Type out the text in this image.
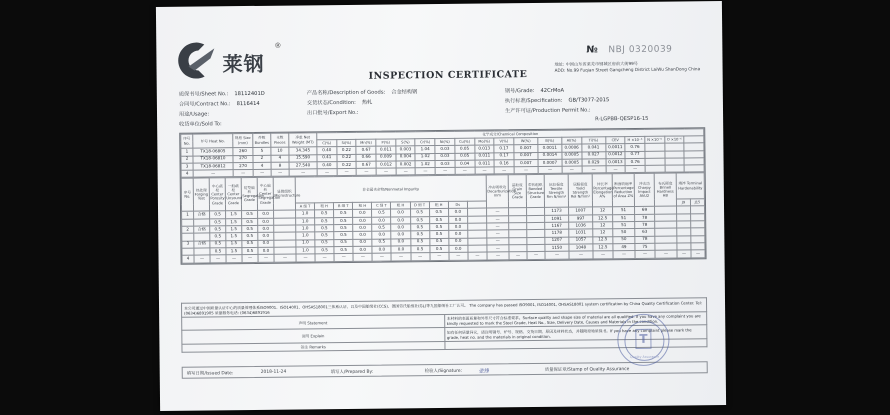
莱钢
®
INSPECTION CERTIFICATE
№ NBJ 0320039
地址: 中国山东省莱芜市钢城区府前大街99号
ADD: No.99 Fuqian Street Gangcheng District LaiWu ShanDong China
质保书号/Sheet No.: 18112401D	产品名称/Description of Goods: 合金结构钢	钢号/Grade: 42CrMoA
合同号/Contract No.: 8116414	交货状态/Condition: 热轧	执行标准/Specification: GB/T3077-2015
用途/Usage:	出口批号/Export No.:	生产许可证/Production Permit No.:
收货单位/Sold To:
R-LGPBB-QESP16-15
序号 No.	炉号 Heat No.	规格 Size (mm)	件数 Bundles	支数 Pieces	净重 Net Weight (MT)	化学成分/Chemical Composition																		
						C(%)	Si(%)	Mn(%)	P(%)	S(%)	Cr(%)	Ni(%)	Cu(%)	Mo(%)	V(%)	W(%)	B(%)	Al(%)	Ti(%)	CEV	H ×10⁻⁶	N ×10⁻⁶	O ×10⁻⁶	
1	TX18-06805	260	5	10	34.345	0.40	0.22	0.67	0.011	0.003	1.04	0.03	0.05	0.013	0.17	0.007	0.0011	0.0006	0.041	0.0011	0.76			
2	TX18-06810	270	2	4	15.590	0.41	0.22	0.66	0.009	0.004	1.02	0.03	0.05	0.011	0.17	0.007	0.0014	0.0005	0.027	0.0012	0.77			
3	TX18-06812	270	4	8	27.540	0.40	0.22	0.67	0.012	0.002	1.02	0.03	0.04	0.011	0.16	0.007	0.0007	0.0005	0.029	0.0013	0.76			
4	—	—	—	—	—	—	—	—	—	—	—	—	—	—	—	—	—	—	—	—	—			
序号 No.	热处理 Forging Test	中心疏松 Center Porosity Grade	一般疏松 Center Unsound Grade	锭型偏析 Segregation Grade	中心偏析 Center Segregation Grade	显微组织 Microstructure	非金属夹杂物/Nonmetal Impurity										冲击吸收功 Decarburization mm	晶粒度 Grain Size Grade	带状组织 Banded Structure Grade	抗拉强度 Tensile Strength Rm N/mm²	屈服强度 Yield Strength Rel N/mm²	伸长率 Percentage Elongation A%	断面收缩率 Percentage Reduction of Area Z%	冲击功 Charpy Impact AkU2	布氏硬度 Brinell Hardness HB	端淬 Terminal Hardenability	
							A 细 T	粗 H	B 细 T	粗 H	C 细 T	粗 H	D 细 T	粗 H	Ds											J9	J15
1	合格	0.5	1.5	0.5	0.0		1.0	0.5	0.5	0.0	0.5	0.0	0.5	0.5	0.0		—			1173	1007	12	51	69			
		0.5	1.5	0.5	0.0		1.0	0.5	0.5	0.0	0.0	0.0	0.5	0.5	0.0		—			1091	997	12.5	51	78			
2	合格	0.5	1.5	0.5	0.0		1.0	0.5	0.5	0.0	0.5	0.0	0.5	0.5	0.0		—			1167	1036	12	51	78			
		0.5	1.5	0.5	0.0		1.0	0.5	0.5	0.0	0.0	0.0	0.5	0.5	0.0		—			1178	1031	12	50	63			
3	合格	0.5	1.5	0.5	0.0		1.0	0.5	0.5	0.0	0.5	0.0	0.5	0.5	0.0		—			1207	1057	12.5	50	78			
		0.5	1.5	0.5	0.0		1.0	0.5	0.5	0.0	0.0	0.0	0.5	0.5	0.0		—			1150	1048	12.5	49	75			
4	—	—	—	—	—	—	—	—	—	—	—	—	—	—	—	—	—	—	—	—	—	—	—	—	—	—	—
本公司通过中国质量认证中心的质量管理体系ISO9001、ISO14001、OHSAS18001三体系认证，以及中国船级社(CCS)、德国劳氏船级社(GL)等九国船级社工厂认可。 The company has passed ISO9001, ISO14001, OHSAS18001 system certification by China Quality Certification Center. Tel: (0634)6891905 质量服务电话: (0634)6891916	
声明 Statement	本材料的表面质量和外形尺寸符合标准要求。Surface quality and shape size of material are all qualified. If you have any complaint you are kindly requested to mark the Steel Grade, Heat No., Size, Delivery Date, Causes and Materials in the condition.
说明 Explain	如有任何质量异议，请注明钢号、炉号、规格、交货日期、原因及材料状态，并随附原始质保书。If you have any complaint please mark the grade, heat no. and the materials in original condition.
备注 Remarks	
填写日期/Issued Date:	2018-11-24	填写人/Prepared By:	检验人/Signature:	张锋	质量保证章/Stamp of Quality Assurance
T
Quality Assurance
